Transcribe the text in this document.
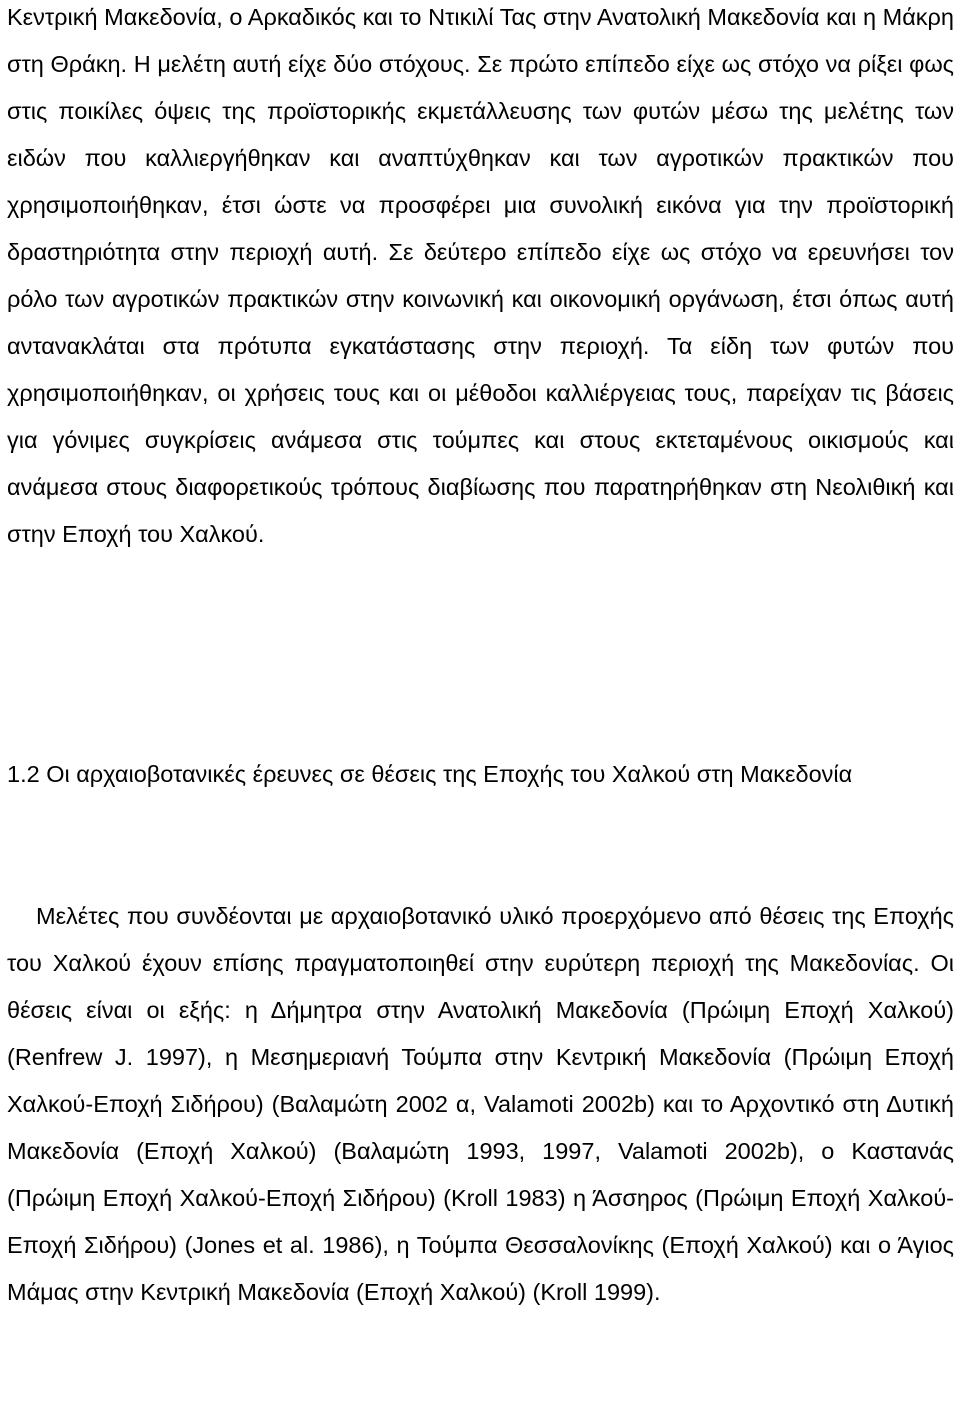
Κεντρική Μακεδονία, ο Αρκαδικός και το Ντικιλί Τας στην Ανατολική Μακεδονία και η Μάκρη στη Θράκη. Η μελέτη αυτή είχε δύο στόχους. Σε πρώτο επίπεδο είχε ως στόχο να ρίξει φως στις ποικίλες όψεις της προϊστορικής εκμετάλλευσης των φυτών μέσω της μελέτης των ειδών που καλλιεργήθηκαν και αναπτύχθηκαν και των αγροτικών πρακτικών που χρησιμοποιήθηκαν, έτσι ώστε να προσφέρει μια συνολική εικόνα για την προϊστορική δραστηριότητα στην περιοχή αυτή. Σε δεύτερο επίπεδο είχε ως στόχο να ερευνήσει τον ρόλο των αγροτικών πρακτικών στην κοινωνική και οικονομική οργάνωση, έτσι όπως αυτή αντανακλάται στα πρότυπα εγκατάστασης στην περιοχή. Τα είδη των φυτών που χρησιμοποιήθηκαν, οι χρήσεις τους και οι μέθοδοι καλλιέργειας τους, παρείχαν τις βάσεις για γόνιμες συγκρίσεις ανάμεσα στις τούμπες και στους εκτεταμένους οικισμούς και ανάμεσα στους διαφορετικούς τρόπους διαβίωσης που παρατηρήθηκαν στη Νεολιθική και στην Εποχή του Χαλκού.

1.2 Οι αρχαιοβοτανικές έρευνες σε θέσεις της Εποχής του Χαλκού στη Μακεδονία

Μελέτες που συνδέονται με αρχαιοβοτανικό υλικό προερχόμενο από θέσεις της Εποχής του Χαλκού έχουν επίσης πραγματοποιηθεί στην ευρύτερη περιοχή της Μακεδονίας. Οι θέσεις είναι οι εξής: η Δήμητρα στην Ανατολική Μακεδονία (Πρώιμη Εποχή Χαλκού) (Renfrew J. 1997), η Μεσημεριανή Τούμπα στην Κεντρική Μακεδονία (Πρώιμη Εποχή Χαλκού-Εποχή Σιδήρου) (Βαλαμώτη 2002 α, Valamoti 2002b) και το Αρχοντικό στη Δυτική Μακεδονία (Εποχή Χαλκού) (Βαλαμώτη 1993, 1997, Valamoti 2002b), ο Καστανάς (Πρώιμη Εποχή Χαλκού-Εποχή Σιδήρου) (Kroll 1983) η Άσσηρος (Πρώιμη Εποχή Χαλκού-Εποχή Σιδήρου) (Jones et al. 1986), η Τούμπα Θεσσαλονίκης (Εποχή Χαλκού) και ο Άγιος Μάμας στην Κεντρική Μακεδονία (Εποχή Χαλκού) (Kroll 1999).
